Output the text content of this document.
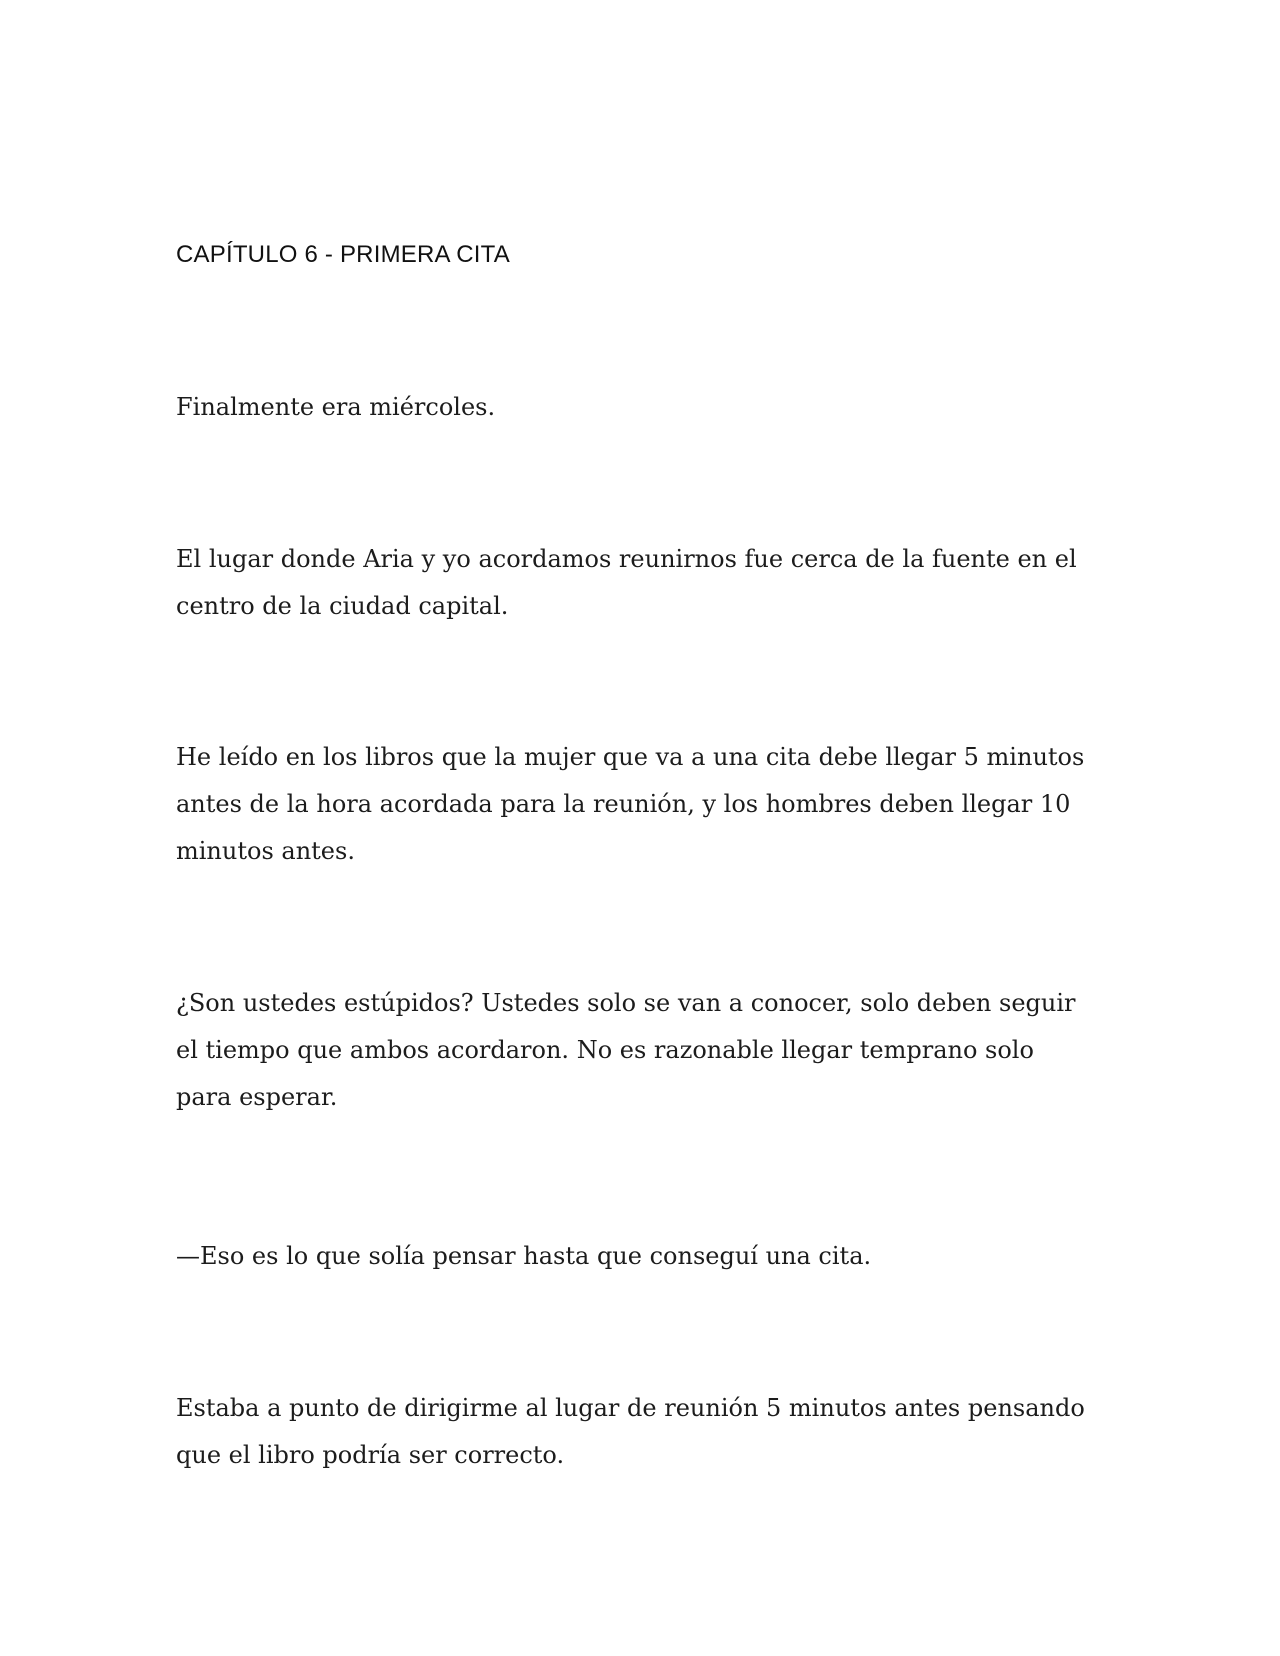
CAPÍTULO 6 - PRIMERA CITA

Finalmente era miércoles.

El lugar donde Aria y yo acordamos reunirnos fue cerca de la fuente en el centro de la ciudad capital.

He leído en los libros que la mujer que va a una cita debe llegar 5 minutos antes de la hora acordada para la reunión, y los hombres deben llegar 10 minutos antes.

¿Son ustedes estúpidos? Ustedes solo se van a conocer, solo deben seguir el tiempo que ambos acordaron. No es razonable llegar temprano solo para esperar.

—Eso es lo que solía pensar hasta que conseguí una cita.

Estaba a punto de dirigirme al lugar de reunión 5 minutos antes pensando que el libro podría ser correcto.
